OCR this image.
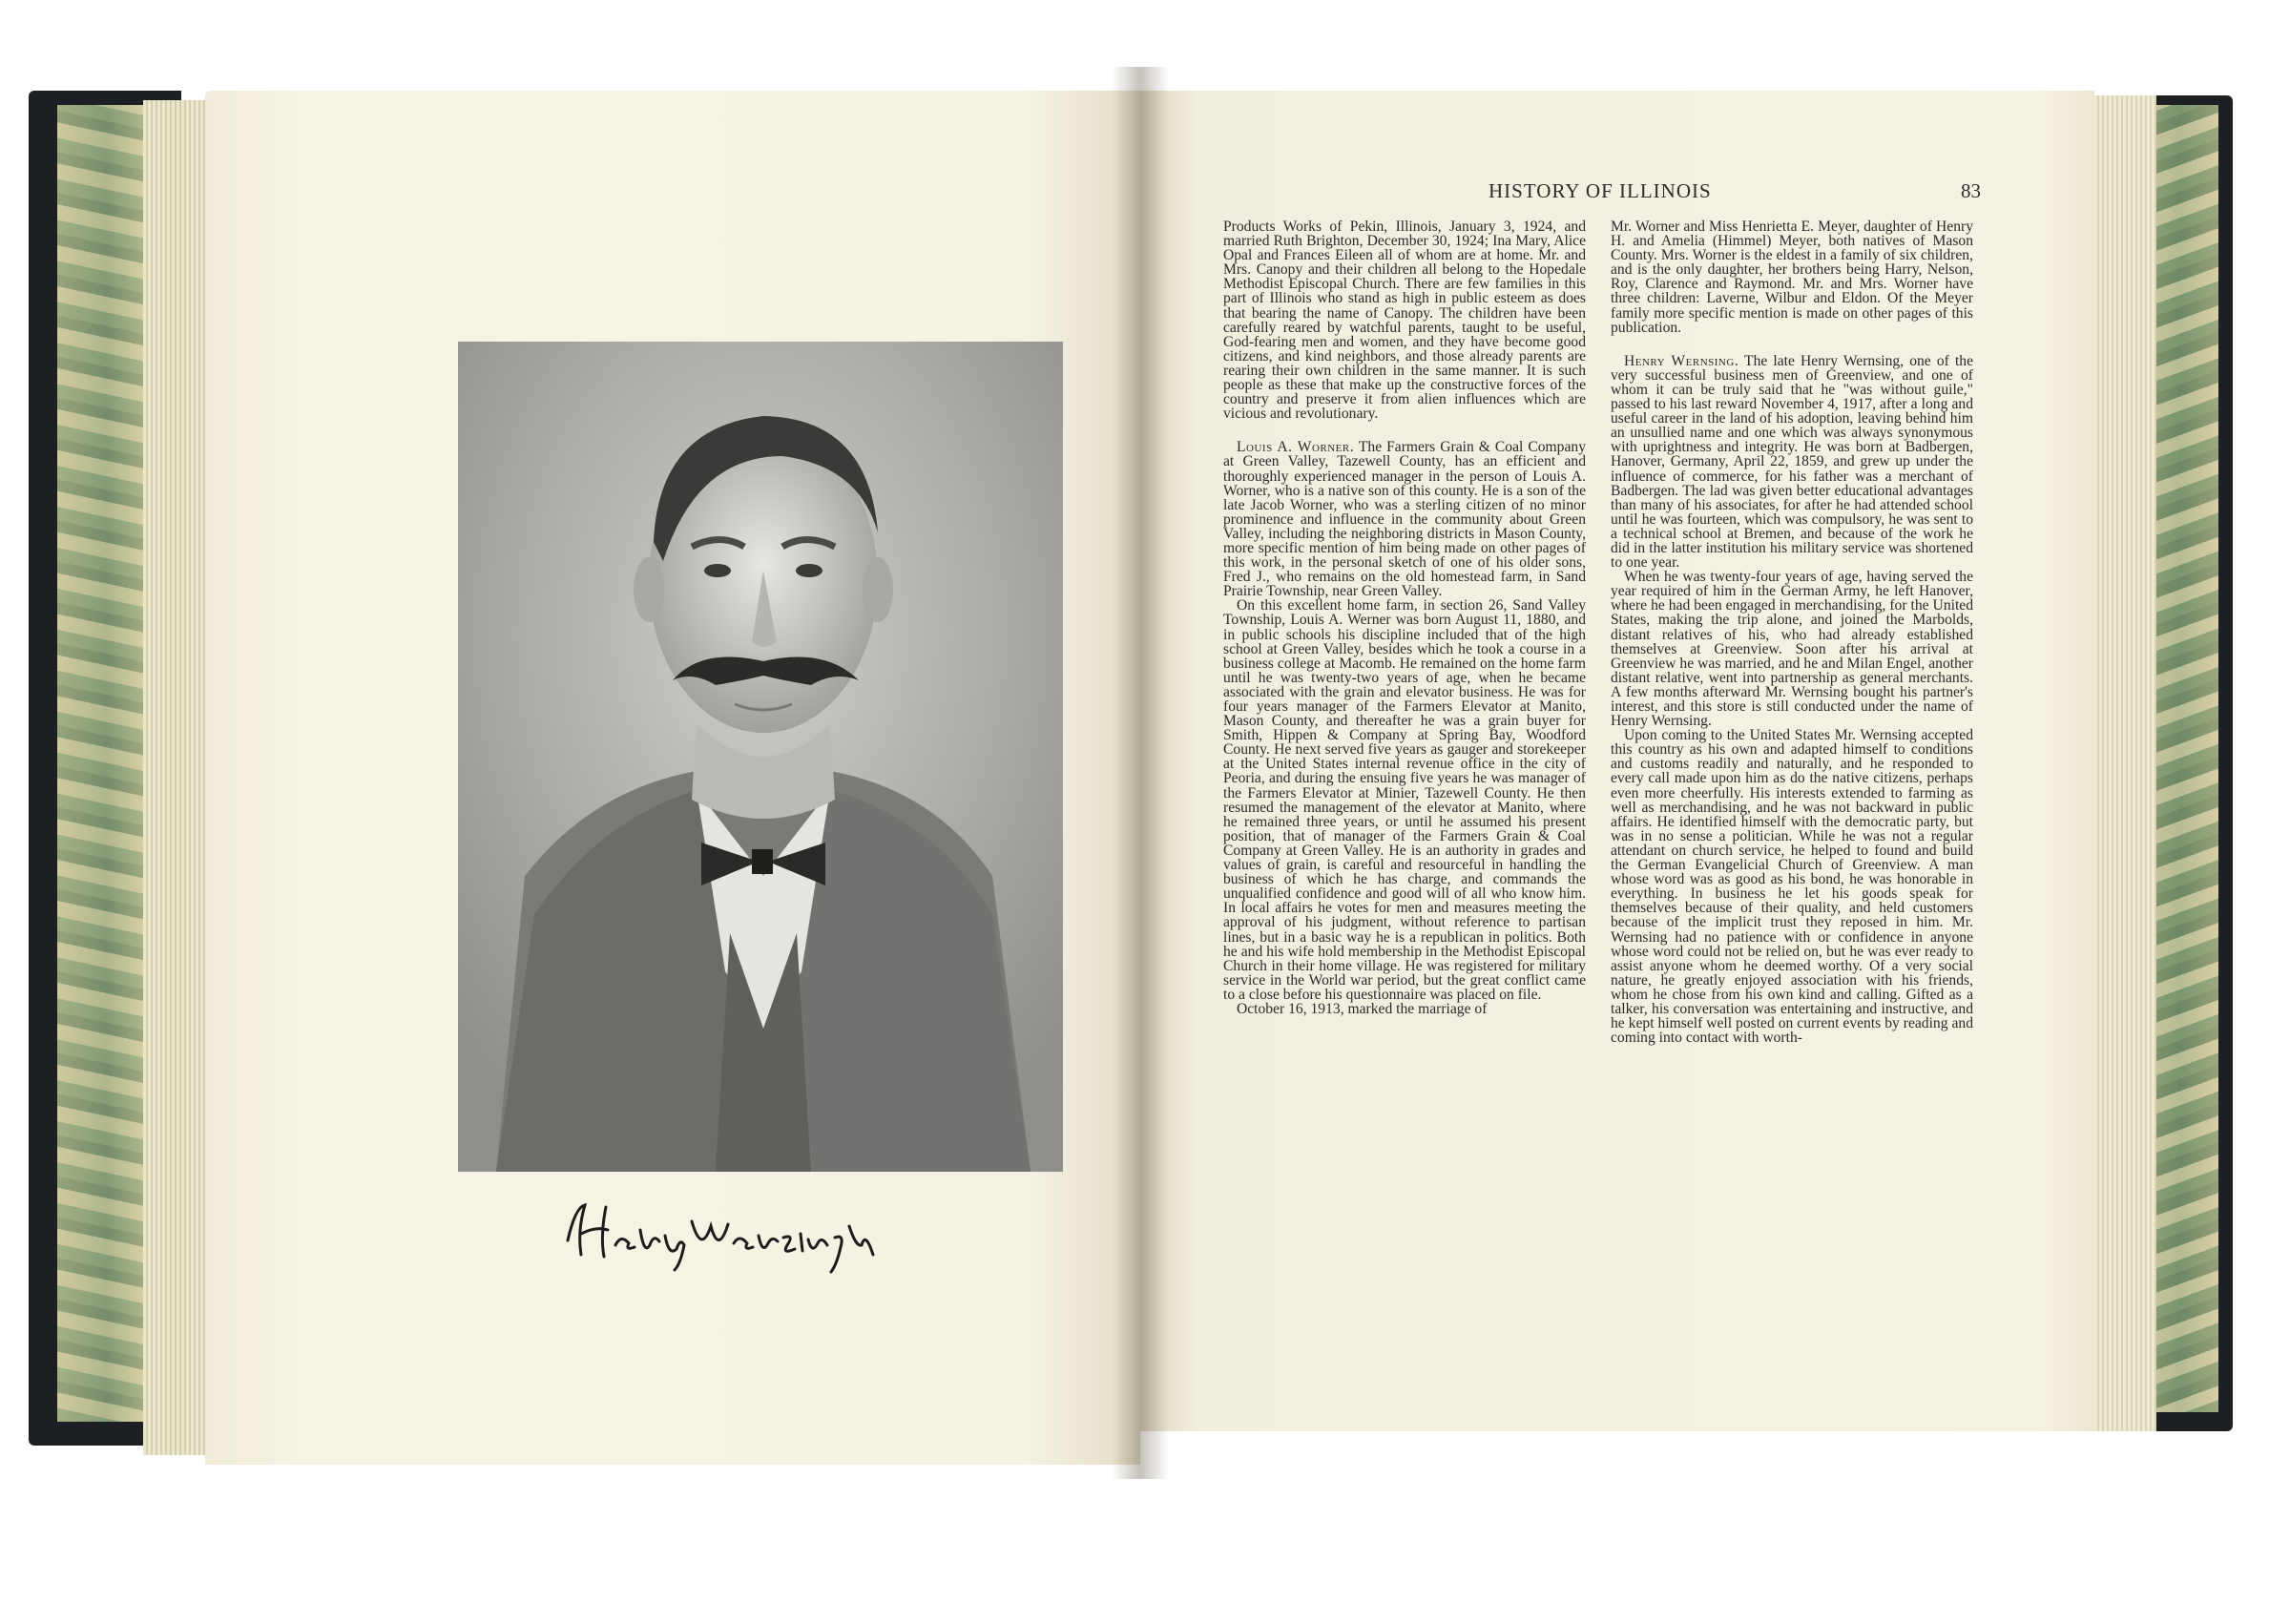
HISTORY OF ILLINOIS	83

Products Works of Pekin, Illinois, January 3, 1924, and married Ruth Brighton, December 30, 1924; Ina Mary, Alice Opal and Frances Eileen all of whom are at home. Mr. and Mrs. Canopy and their children all belong to the Hopedale Methodist Episcopal Church. There are few families in this part of Illinois who stand as high in public esteem as does that bearing the name of Canopy. The children have been carefully reared by watchful parents, taught to be useful, God-fearing men and women, and they have become good citizens, and kind neighbors, and those already parents are rearing their own children in the same manner. It is such people as these that make up the constructive forces of the country and preserve it from alien influences which are vicious and revolutionary.

Louis A. Worner. The Farmers Grain & Coal Company at Green Valley, Tazewell County, has an efficient and thoroughly experienced manager in the person of Louis A. Worner, who is a native son of this county. He is a son of the late Jacob Worner, who was a sterling citizen of no minor prominence and influence in the community about Green Valley, including the neighboring districts in Mason County, more specific mention of him being made on other pages of this work, in the personal sketch of one of his older sons, Fred J., who remains on the old homestead farm, in Sand Prairie Township, near Green Valley.

On this excellent home farm, in section 26, Sand Valley Township, Louis A. Werner was born August 11, 1880, and in public schools his discipline included that of the high school at Green Valley, besides which he took a course in a business college at Macomb. He remained on the home farm until he was twenty-two years of age, when he became associated with the grain and elevator business. He was for four years manager of the Farmers Elevator at Manito, Mason County, and thereafter he was a grain buyer for Smith, Hippen & Company at Spring Bay, Woodford County. He next served five years as gauger and storekeeper at the United States internal revenue office in the city of Peoria, and during the ensuing five years he was manager of the Farmers Elevator at Minier, Tazewell County. He then resumed the management of the elevator at Manito, where he remained three years, or until he assumed his present position, that of manager of the Farmers Grain & Coal Company at Green Valley. He is an authority in grades and values of grain, is careful and resourceful in handling the business of which he has charge, and commands the unqualified confidence and good will of all who know him. In local affairs he votes for men and measures meeting the approval of his judgment, without reference to partisan lines, but in a basic way he is a republican in politics. Both he and his wife hold membership in the Methodist Episcopal Church in their home village. He was registered for military service in the World war period, but the great conflict came to a close before his questionnaire was placed on file.

October 16, 1913, marked the marriage of

Mr. Worner and Miss Henrietta E. Meyer, daughter of Henry H. and Amelia (Himmel) Meyer, both natives of Mason County. Mrs. Worner is the eldest in a family of six children, and is the only daughter, her brothers being Harry, Nelson, Roy, Clarence and Raymond. Mr. and Mrs. Worner have three children: Laverne, Wilbur and Eldon. Of the Meyer family more specific mention is made on other pages of this publication.

Henry Wernsing. The late Henry Wernsing, one of the very successful business men of Greenview, and one of whom it can be truly said that he "was without guile," passed to his last reward November 4, 1917, after a long and useful career in the land of his adoption, leaving behind him an unsullied name and one which was always synonymous with uprightness and integrity. He was born at Badbergen, Hanover, Germany, April 22, 1859, and grew up under the influence of commerce, for his father was a merchant of Badbergen. The lad was given better educational advantages than many of his associates, for after he had attended school until he was fourteen, which was compulsory, he was sent to a technical school at Bremen, and because of the work he did in the latter institution his military service was shortened to one year.

When he was twenty-four years of age, having served the year required of him in the German Army, he left Hanover, where he had been engaged in merchandising, for the United States, making the trip alone, and joined the Marbolds, distant relatives of his, who had already established themselves at Greenview. Soon after his arrival at Greenview he was married, and he and Milan Engel, another distant relative, went into partnership as general merchants. A few months afterward Mr. Wernsing bought his partner's interest, and this store is still conducted under the name of Henry Wernsing.

Upon coming to the United States Mr. Wernsing accepted this country as his own and adapted himself to conditions and customs readily and naturally, and he responded to every call made upon him as do the native citizens, perhaps even more cheerfully. His interests extended to farming as well as merchandising, and he was not backward in public affairs. He identified himself with the democratic party, but was in no sense a politician. While he was not a regular attendant on church service, he helped to found and build the German Evangelicial Church of Greenview. A man whose word was as good as his bond, he was honorable in everything. In business he let his goods speak for themselves because of their quality, and held customers because of the implicit trust they reposed in him. Mr. Wernsing had no patience with or confidence in anyone whose word could not be relied on, but he was ever ready to assist anyone whom he deemed worthy. Of a very social nature, he greatly enjoyed association with his friends, whom he chose from his own kind and calling. Gifted as a talker, his conversation was entertaining and instructive, and he kept himself well posted on current events by reading and coming into contact with worth-
